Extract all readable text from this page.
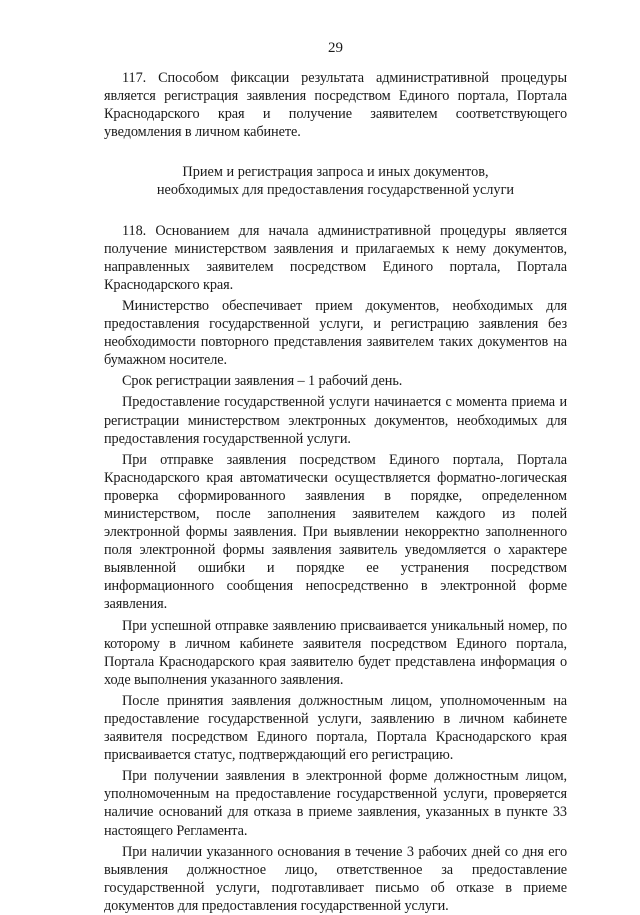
29

117. Способом фиксации результата административной процедуры является регистрация заявления посредством Единого портала, Портала Краснодарского края и получение заявителем соответствующего уведомления в личном кабинете.

Прием и регистрация запроса и иных документов,
необходимых для предоставления государственной услуги

118. Основанием для начала административной процедуры является получение министерством заявления и прилагаемых к нему документов, направленных заявителем посредством Единого портала, Портала Краснодарского края.

Министерство обеспечивает прием документов, необходимых для предоставления государственной услуги, и регистрацию заявления без необходимости повторного представления заявителем таких документов на бумажном носителе.

Срок регистрации заявления – 1 рабочий день.

Предоставление государственной услуги начинается с момента приема и регистрации министерством электронных документов, необходимых для предоставления государственной услуги.

При отправке заявления посредством Единого портала, Портала Краснодарского края автоматически осуществляется форматно-логическая проверка сформированного заявления в порядке, определенном министерством, после заполнения заявителем каждого из полей электронной формы заявления. При выявлении некорректно заполненного поля электронной формы заявления заявитель уведомляется о характере выявленной ошибки и порядке ее устранения посредством информационного сообщения непосредственно в электронной форме заявления.

При успешной отправке заявлению присваивается уникальный номер, по которому в личном кабинете заявителя посредством Единого портала, Портала Краснодарского края заявителю будет представлена информация о ходе выполнения указанного заявления.

После принятия заявления должностным лицом, уполномоченным на предоставление государственной услуги, заявлению в личном кабинете заявителя посредством Единого портала, Портала Краснодарского края присваивается статус, подтверждающий его регистрацию.

При получении заявления в электронной форме должностным лицом, уполномоченным на предоставление государственной услуги, проверяется наличие оснований для отказа в приеме заявления, указанных в пункте 33 настоящего Регламента.

При наличии указанного основания в течение 3 рабочих дней со дня его выявления должностное лицо, ответственное за предоставление государственной услуги, подготавливает письмо об отказе в приеме документов для предоставления государственной услуги.
